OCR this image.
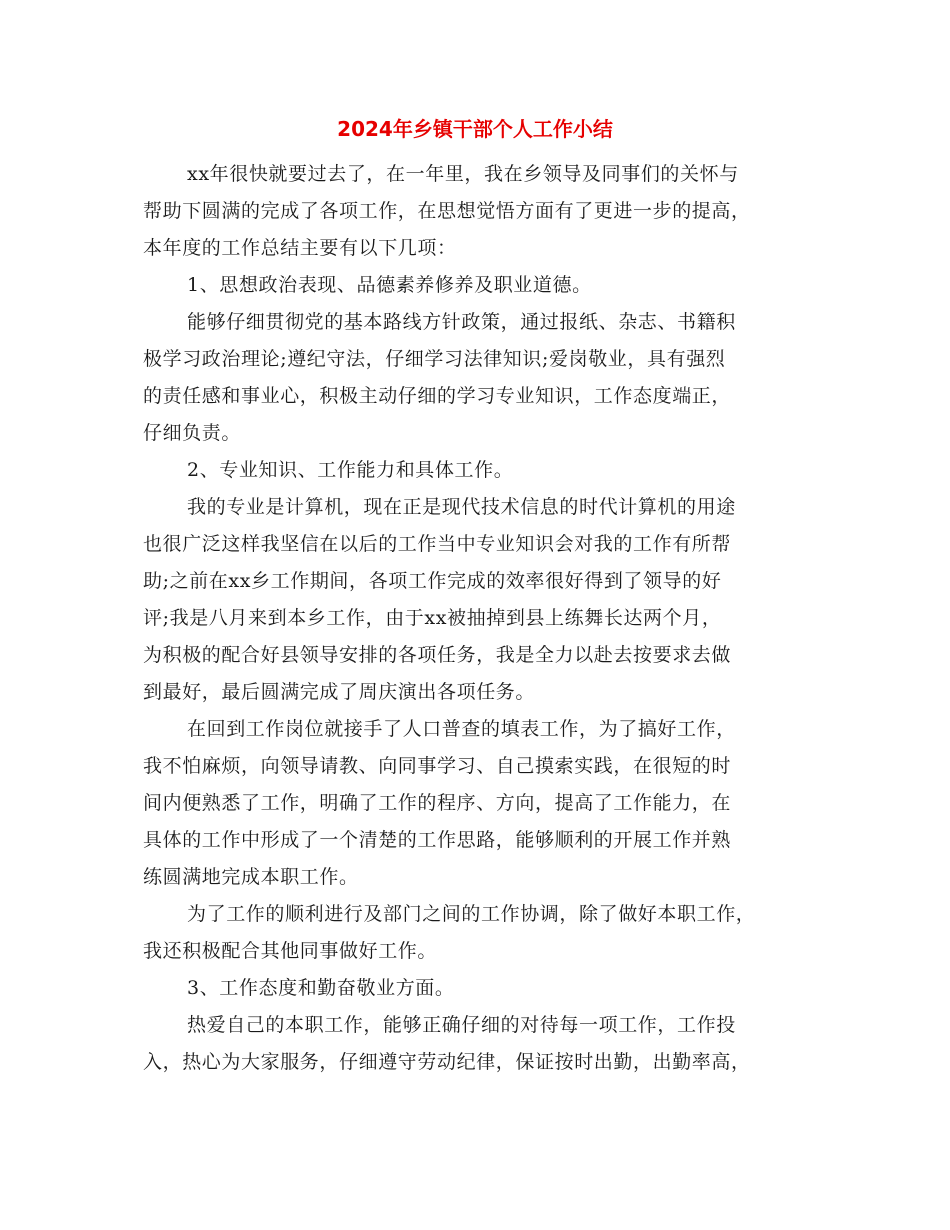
2024年乡镇干部个人工作小结
xx年很快就要过去了，在一年里，我在乡领导及同事们的关怀与
帮助下圆满的完成了各项工作，在思想觉悟方面有了更进一步的提高，
本年度的工作总结主要有以下几项：
1、思想政治表现、品德素养修养及职业道德。
能够仔细贯彻党的基本路线方针政策，通过报纸、杂志、书籍积
极学习政治理论;遵纪守法，仔细学习法律知识;爱岗敬业，具有强烈
的责任感和事业心，积极主动仔细的学习专业知识，工作态度端正，
仔细负责。
2、专业知识、工作能力和具体工作。
我的专业是计算机，现在正是现代技术信息的时代计算机的用途
也很广泛这样我坚信在以后的工作当中专业知识会对我的工作有所帮
助;之前在xx乡工作期间，各项工作完成的效率很好得到了领导的好
评;我是八月来到本乡工作，由于xx被抽掉到县上练舞长达两个月，
为积极的配合好县领导安排的各项任务，我是全力以赴去按要求去做
到最好，最后圆满完成了周庆演出各项任务。
在回到工作岗位就接手了人口普查的填表工作，为了搞好工作，
我不怕麻烦，向领导请教、向同事学习、自己摸索实践，在很短的时
间内便熟悉了工作，明确了工作的程序、方向，提高了工作能力，在
具体的工作中形成了一个清楚的工作思路，能够顺利的开展工作并熟
练圆满地完成本职工作。
为了工作的顺利进行及部门之间的工作协调，除了做好本职工作，
我还积极配合其他同事做好工作。
3、工作态度和勤奋敬业方面。
热爱自己的本职工作，能够正确仔细的对待每一项工作，工作投
入，热心为大家服务，仔细遵守劳动纪律，保证按时出勤，出勤率高，
